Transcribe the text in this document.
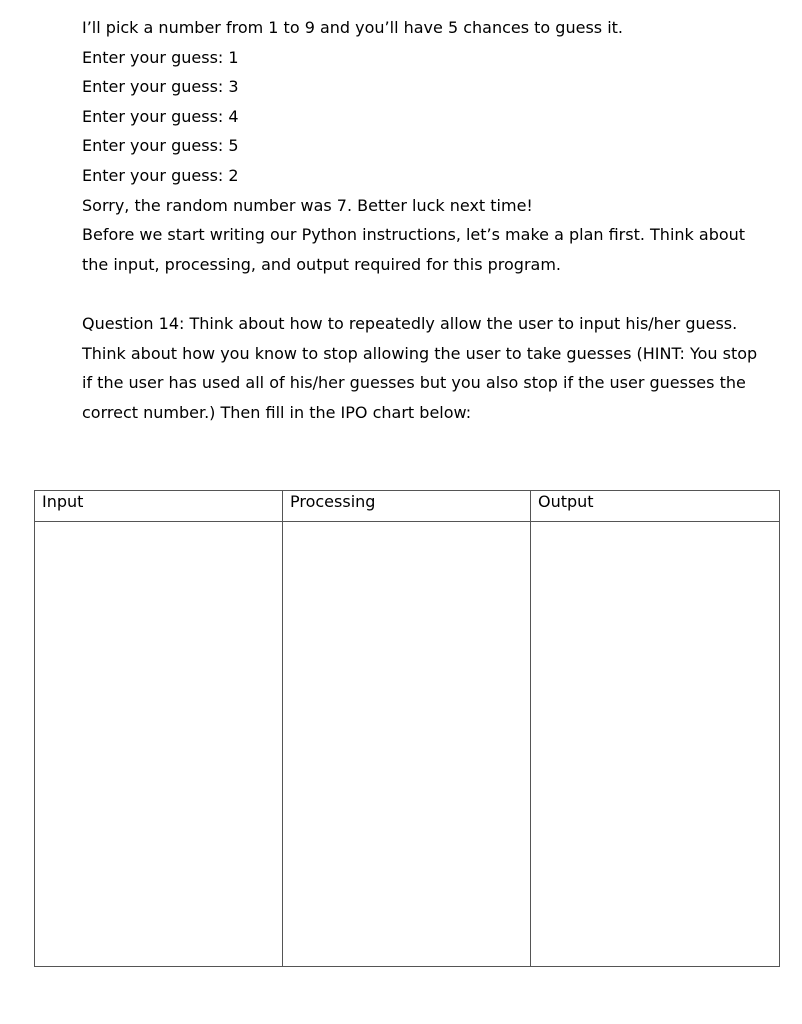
I’ll pick a number from 1 to 9 and you’ll have 5 chances to guess it.

Enter your guess: 1

Enter your guess: 3

Enter your guess: 4

Enter your guess: 5

Enter your guess: 2

Sorry, the random number was 7. Better luck next time!

Before we start writing our Python instructions, let’s make a plan first. Think about the input, processing, and output required for this program.

Question 14: Think about how to repeatedly allow the user to input his/her guess. Think about how you know to stop allowing the user to take guesses (HINT: You stop if the user has used all of his/her guesses but you also stop if the user guesses the correct number.) Then fill in the IPO chart below:

Input	Processing	Output
